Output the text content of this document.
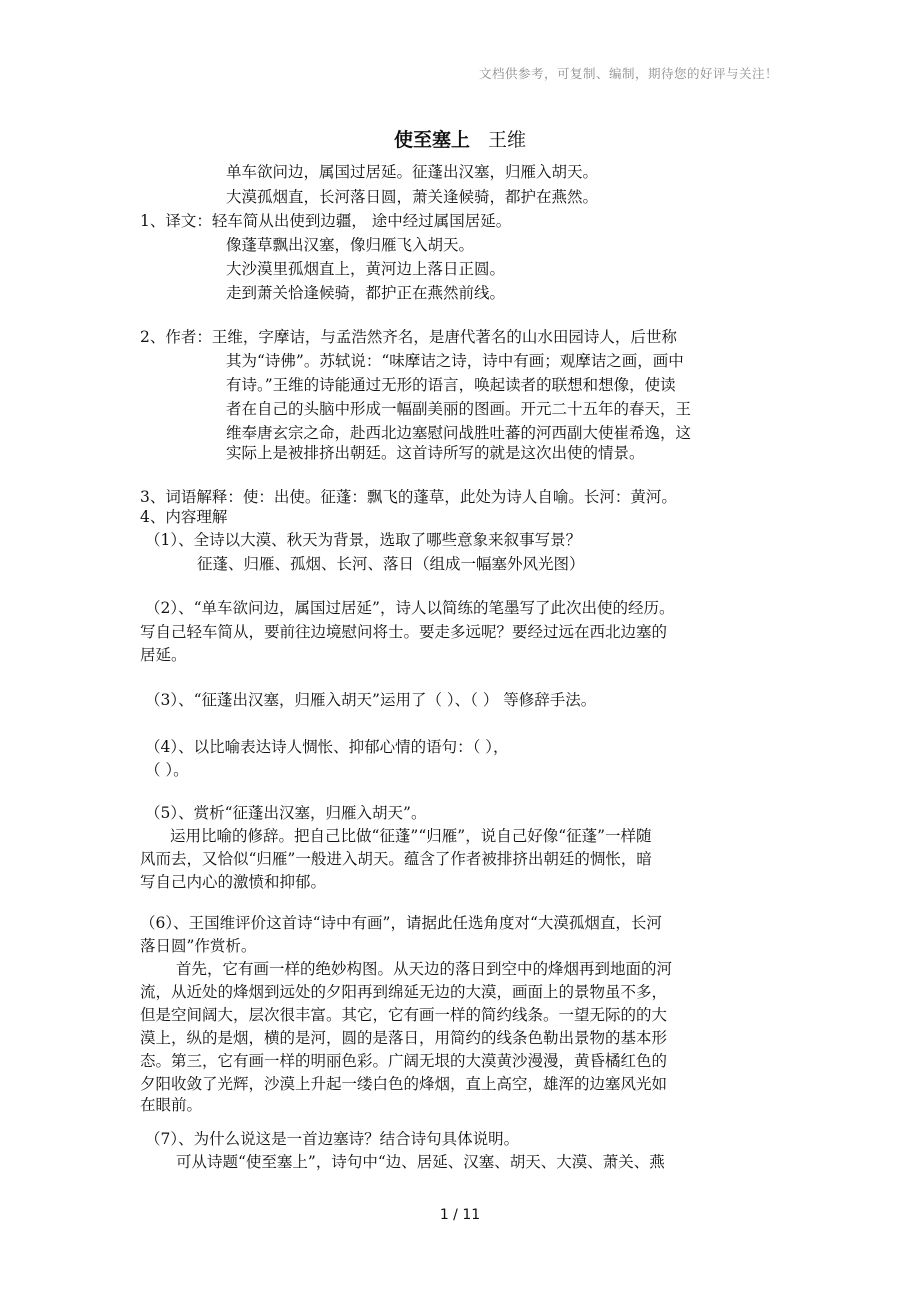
文档供参考，可复制、编制，期待您的好评与关注！
使至塞上 王维
单车欲问边，属国过居延。征蓬出汉塞，归雁入胡天。
大漠孤烟直，长河落日圆，萧关逢候骑，都护在燕然。
1、译文：轻车简从出使到边疆， 途中经过属国居延。
像蓬草飘出汉塞，像归雁飞入胡天。
大沙漠里孤烟直上，黄河边上落日正圆。
走到萧关恰逢候骑，都护正在燕然前线。
2、作者：王维，字摩诘，与孟浩然齐名，是唐代著名的山水田园诗人，后世称
其为“诗佛”。苏轼说：“味摩诘之诗，诗中有画；观摩诘之画，画中
有诗。”王维的诗能通过无形的语言，唤起读者的联想和想像，使读
者在自己的头脑中形成一幅副美丽的图画。开元二十五年的春天，王
维奉唐玄宗之命，赴西北边塞慰问战胜吐蕃的河西副大使崔希逸，这
实际上是被排挤出朝廷。这首诗所写的就是这次出使的情景。
3、词语解释：使：出使。征蓬：飘飞的蓬草，此处为诗人自喻。长河：黄河。
4、内容理解
（1）、全诗以大漠、秋天为背景，选取了哪些意象来叙事写景？
征蓬、归雁、孤烟、长河、落日（组成一幅塞外风光图）
（2）、“单车欲问边，属国过居延”，诗人以简练的笔墨写了此次出使的经历。
写自己轻车简从，要前往边境慰问将士。要走多远呢？要经过远在西北边塞的
居延。
（3）、“征蓬出汉塞，归雁入胡天”运用了（ ）、（ ） 等修辞手法。
（4）、以比喻表达诗人惆怅、抑郁心情的语句：（ ），
（ ）。
（5）、赏析“征蓬出汉塞，归雁入胡天”。
运用比喻的修辞。把自己比做“征蓬”“归雁”，说自己好像“征蓬”一样随
风而去，又恰似“归雁”一般进入胡天。蕴含了作者被排挤出朝廷的惆怅，暗
写自己内心的激愤和抑郁。
（6）、王国维评价这首诗“诗中有画”，请据此任选角度对“大漠孤烟直，长河
落日圆”作赏析。
首先，它有画一样的绝妙构图。从天边的落日到空中的烽烟再到地面的河
流，从近处的烽烟到远处的夕阳再到绵延无边的大漠，画面上的景物虽不多，
但是空间阔大，层次很丰富。其它，它有画一样的简约线条。一望无际的的大
漠上，纵的是烟，横的是河，圆的是落日，用简约的线条色勒出景物的基本形
态。第三，它有画一样的明丽色彩。广阔无垠的大漠黄沙漫漫，黄昏橘红色的
夕阳收敛了光辉，沙漠上升起一缕白色的烽烟，直上高空，雄浑的边塞风光如
在眼前。
（7）、为什么说这是一首边塞诗？结合诗句具体说明。
可从诗题“使至塞上”，诗句中“边、居延、汉塞、胡天、大漠、萧关、燕
1 / 11
